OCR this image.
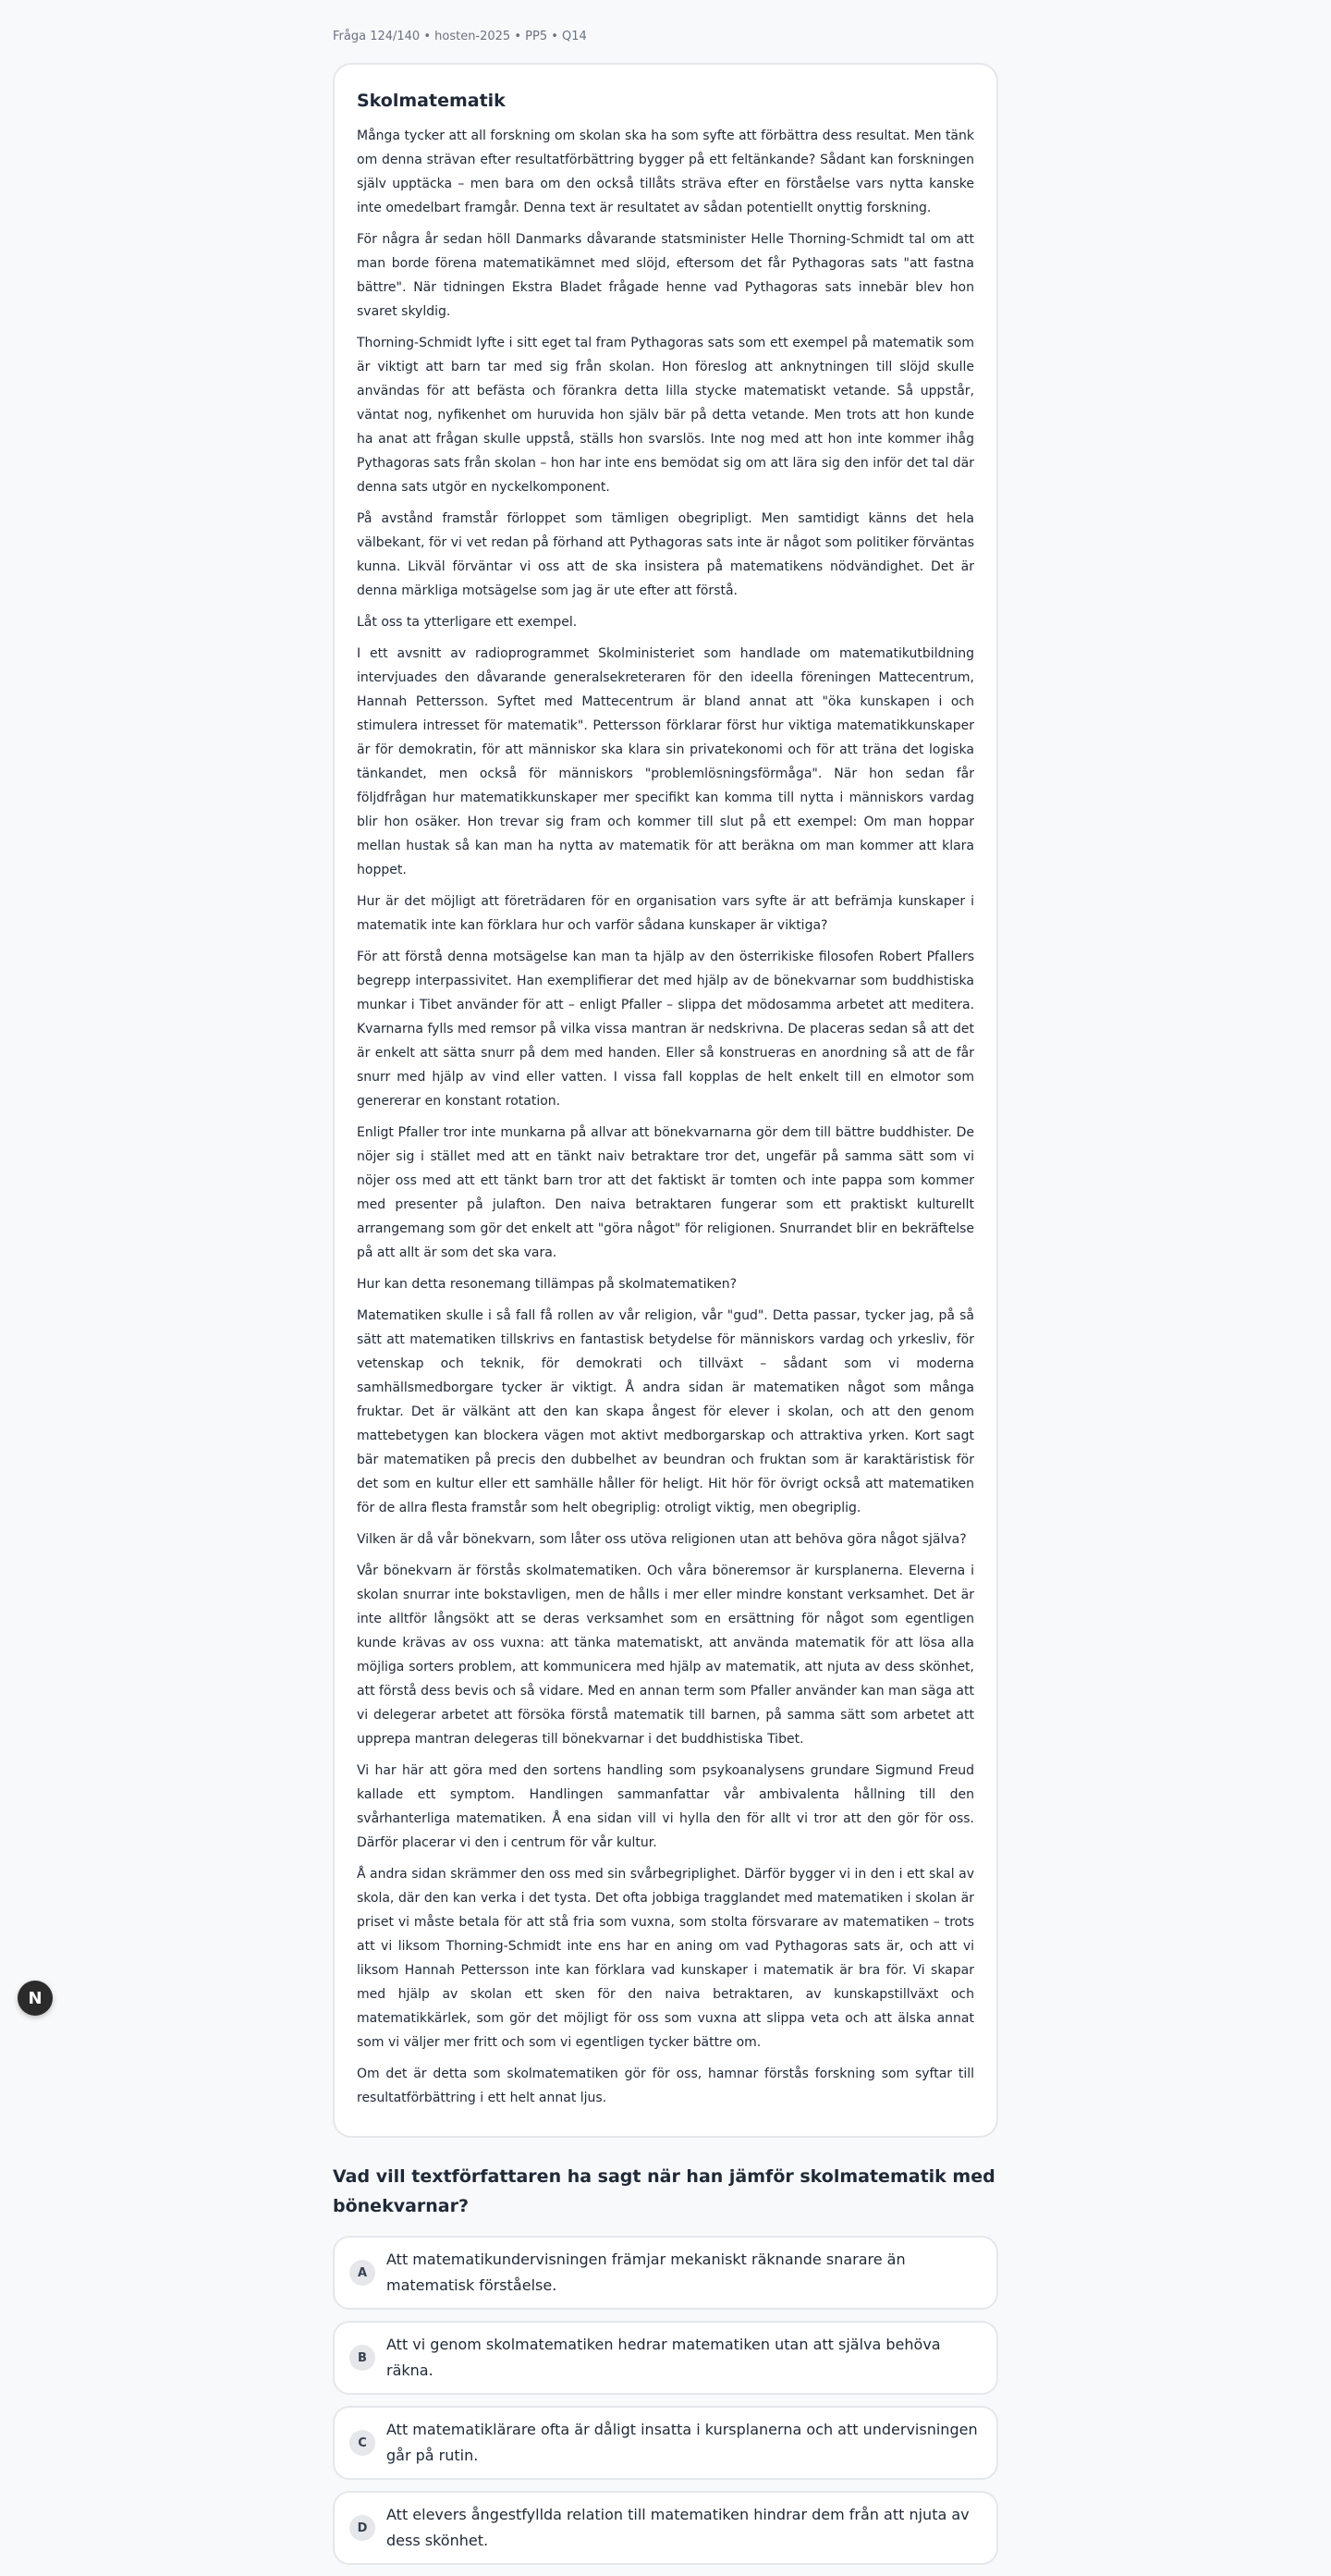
Fråga 124/140 • hosten-2025 • PP5 • Q14
Skolmatematik

Många tycker att all forskning om skolan ska ha som syfte att förbättra dess resultat. Men tänk om denna strävan efter resultatförbättring bygger på ett feltänkande? Sådant kan forskningen själv upptäcka – men bara om den också tillåts sträva efter en förståelse vars nytta kanske inte omedelbart framgår. Denna text är resultatet av sådan potentiellt onyttig forskning.

För några år sedan höll Danmarks dåvarande statsminister Helle Thorning-Schmidt tal om att man borde förena matematikämnet med slöjd, eftersom det får Pythagoras sats "att fastna bättre". När tidningen Ekstra Bladet frågade henne vad Pythagoras sats innebär blev hon svaret skyldig.

Thorning-Schmidt lyfte i sitt eget tal fram Pythagoras sats som ett exempel på matematik som är viktigt att barn tar med sig från skolan. Hon föreslog att anknytningen till slöjd skulle användas för att befästa och förankra detta lilla stycke matematiskt vetande. Så uppstår, väntat nog, nyfikenhet om huruvida hon själv bär på detta vetande. Men trots att hon kunde ha anat att frågan skulle uppstå, ställs hon svarslös. Inte nog med att hon inte kommer ihåg Pythagoras sats från skolan – hon har inte ens bemödat sig om att lära sig den inför det tal där denna sats utgör en nyckelkomponent.

På avstånd framstår förloppet som tämligen obegripligt. Men samtidigt känns det hela välbekant, för vi vet redan på förhand att Pythagoras sats inte är något som politiker förväntas kunna. Likväl förväntar vi oss att de ska insistera på matematikens nödvändighet. Det är denna märkliga motsägelse som jag är ute efter att förstå.

Låt oss ta ytterligare ett exempel.

I ett avsnitt av radioprogrammet Skolministeriet som handlade om matematikutbildning intervjuades den dåvarande generalsekreteraren för den ideella föreningen Mattecentrum, Hannah Pettersson. Syftet med Mattecentrum är bland annat att "öka kunskapen i och stimulera intresset för matematik". Pettersson förklarar först hur viktiga matematikkunskaper är för demokratin, för att människor ska klara sin privatekonomi och för att träna det logiska tänkandet, men också för människors "problemlösningsförmåga". När hon sedan får följdfrågan hur matematikkunskaper mer specifikt kan komma till nytta i människors vardag blir hon osäker. Hon trevar sig fram och kommer till slut på ett exempel: Om man hoppar mellan hustak så kan man ha nytta av matematik för att beräkna om man kommer att klara hoppet.

Hur är det möjligt att företrädaren för en organisation vars syfte är att befrämja kunskaper i matematik inte kan förklara hur och varför sådana kunskaper är viktiga?

För att förstå denna motsägelse kan man ta hjälp av den österrikiske filosofen Robert Pfallers begrepp interpassivitet. Han exemplifierar det med hjälp av de bönekvarnar som buddhistiska munkar i Tibet använder för att – enligt Pfaller – slippa det mödosamma arbetet att meditera. Kvarnarna fylls med remsor på vilka vissa mantran är nedskrivna. De placeras sedan så att det är enkelt att sätta snurr på dem med handen. Eller så konstrueras en anordning så att de får snurr med hjälp av vind eller vatten. I vissa fall kopplas de helt enkelt till en elmotor som genererar en konstant rotation.

Enligt Pfaller tror inte munkarna på allvar att bönekvarnarna gör dem till bättre buddhister. De nöjer sig i stället med att en tänkt naiv betraktare tror det, ungefär på samma sätt som vi nöjer oss med att ett tänkt barn tror att det faktiskt är tomten och inte pappa som kommer med presenter på julafton. Den naiva betraktaren fungerar som ett praktiskt kulturellt arrangemang som gör det enkelt att "göra något" för religionen. Snurrandet blir en bekräftelse på att allt är som det ska vara.

Hur kan detta resonemang tillämpas på skolmatematiken?

Matematiken skulle i så fall få rollen av vår religion, vår "gud". Detta passar, tycker jag, på så sätt att matematiken tillskrivs en fantastisk betydelse för människors vardag och yrkesliv, för vetenskap och teknik, för demokrati och tillväxt – sådant som vi moderna samhällsmedborgare tycker är viktigt. Å andra sidan är matematiken något som många fruktar. Det är välkänt att den kan skapa ångest för elever i skolan, och att den genom mattebetygen kan blockera vägen mot aktivt medborgarskap och attraktiva yrken. Kort sagt bär matematiken på precis den dubbelhet av beundran och fruktan som är karaktäristisk för det som en kultur eller ett samhälle håller för heligt. Hit hör för övrigt också att matematiken för de allra flesta framstår som helt obegriplig: otroligt viktig, men obegriplig.

Vilken är då vår bönekvarn, som låter oss utöva religionen utan att behöva göra något själva?

Vår bönekvarn är förstås skolmatematiken. Och våra böneremsor är kursplanerna. Eleverna i skolan snurrar inte bokstavligen, men de hålls i mer eller mindre konstant verksamhet. Det är inte alltför långsökt att se deras verksamhet som en ersättning för något som egentligen kunde krävas av oss vuxna: att tänka matematiskt, att använda matematik för att lösa alla möjliga sorters problem, att kommunicera med hjälp av matematik, att njuta av dess skönhet, att förstå dess bevis och så vidare. Med en annan term som Pfaller använder kan man säga att vi delegerar arbetet att försöka förstå matematik till barnen, på samma sätt som arbetet att upprepa mantran delegeras till bönekvarnar i det buddhistiska Tibet.

Vi har här att göra med den sortens handling som psykoanalysens grundare Sigmund Freud kallade ett symptom. Handlingen sammanfattar vår ambivalenta hållning till den svårhanterliga matematiken. Å ena sidan vill vi hylla den för allt vi tror att den gör för oss. Därför placerar vi den i centrum för vår kultur.

Å andra sidan skrämmer den oss med sin svårbegriplighet. Därför bygger vi in den i ett skal av skola, där den kan verka i det tysta. Det ofta jobbiga tragglandet med matematiken i skolan är priset vi måste betala för att stå fria som vuxna, som stolta försvarare av matematiken – trots att vi liksom Thorning-Schmidt inte ens har en aning om vad Pythagoras sats är, och att vi liksom Hannah Pettersson inte kan förklara vad kunskaper i matematik är bra för. Vi skapar med hjälp av skolan ett sken för den naiva betraktaren, av kunskapstillväxt och matematikkärlek, som gör det möjligt för oss som vuxna att slippa veta och att älska annat som vi väljer mer fritt och som vi egentligen tycker bättre om.

Om det är detta som skolmatematiken gör för oss, hamnar förstås forskning som syftar till resultatförbättring i ett helt annat ljus.

Vad vill textförfattaren ha sagt när han jämför skolmatematik med bönekvarnar?
A
Att matematikundervisningen främjar mekaniskt räknande snarare än matematisk förståelse.
B
Att vi genom skolmatematiken hedrar matematiken utan att själva behöva räkna.
C
Att matematiklärare ofta är dåligt insatta i kursplanerna och att undervisningen går på rutin.
D
Att elevers ångestfyllda relation till matematiken hindrar dem från att njuta av dess skönhet.
N
